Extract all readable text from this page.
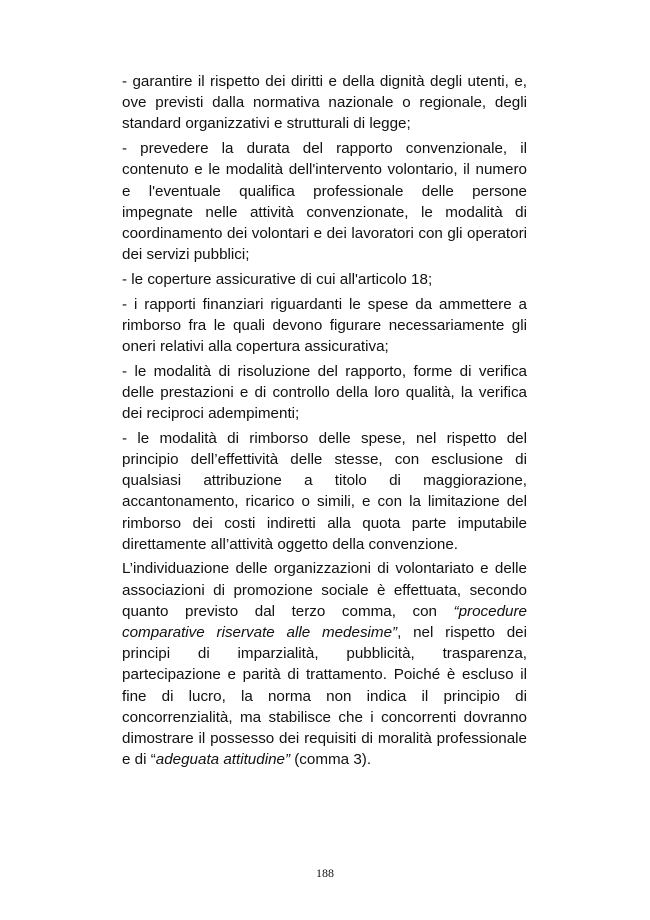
- garantire il rispetto dei diritti e della dignità degli utenti, e, ove previsti dalla normativa nazionale o regionale, degli standard organizzativi e strutturali di legge;

- prevedere la durata del rapporto convenzionale, il contenuto e le modalità dell'intervento volontario, il numero e l'eventuale qualifica professionale delle persone impegnate nelle attività convenzionate, le modalità di coordinamento dei volontari e dei lavoratori con gli operatori dei servizi pubblici;

- le coperture assicurative di cui all'articolo 18;

- i rapporti finanziari riguardanti le spese da ammettere a rimborso fra le quali devono figurare necessariamente gli oneri relativi alla copertura assicurativa;

- le modalità di risoluzione del rapporto, forme di verifica delle prestazioni e di controllo della loro qualità, la verifica dei reciproci adempimenti;

- le modalità di rimborso delle spese, nel rispetto del principio dell’effettività delle stesse, con esclusione di qualsiasi attribuzione a titolo di maggiorazione, accantonamento, ricarico o simili, e con la limitazione del rimborso dei costi indiretti alla quota parte imputabile direttamente all’attività oggetto della convenzione.

L’individuazione delle organizzazioni di volontariato e delle associazioni di promozione sociale è effettuata, secondo quanto previsto dal terzo comma, con “procedure comparative riservate alle medesime”, nel rispetto dei principi di imparzialità, pubblicità, trasparenza, partecipazione e parità di trattamento. Poiché è escluso il fine di lucro, la norma non indica il principio di concorrenzialità, ma stabilisce che i concorrenti dovranno dimostrare il possesso dei requisiti di moralità professionale e di “adeguata attitudine” (comma 3).

188
